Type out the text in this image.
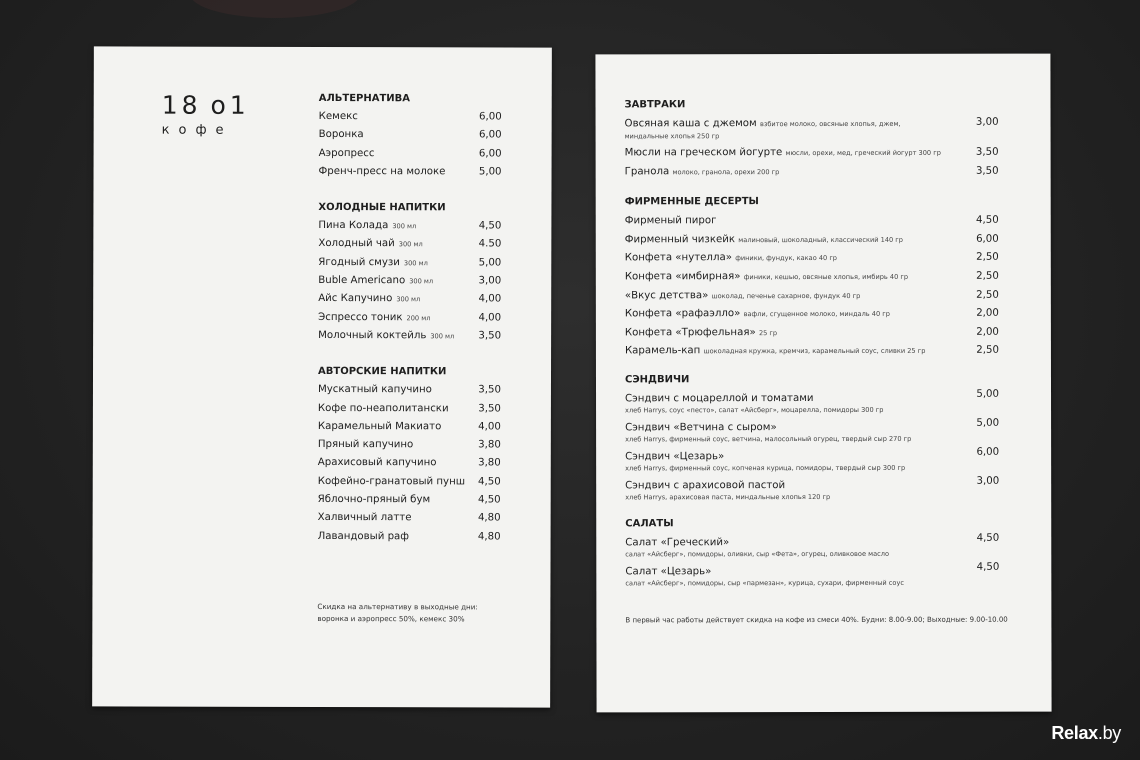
18 o1
кофе
АЛЬТЕРНАТИВА
Кемекс	6,00
Воронка	6,00
Аэропресс	6,00
Френч-пресс на молоке	5,00
ХОЛОДНЫЕ НАПИТКИ
Пина Колада 300 мл	4,50
Холодный чай 300 мл	4.50
Ягодный смузи 300 мл	5,00
Buble Americano 300 мл	3,00
Айс Капучино 300 мл	4,00
Эспрессо тоник 200 мл	4,00
Молочный коктейль 300 мл 3,50
АВТОРСКИЕ НАПИТКИ
Мускатный капучино	3,50
Кофе по-неаполитански	3,50
Карамельный Макиато	4,00
Пряный капучино	3,80
Арахисовый капучино	3,80
Кофейно-гранатовый пунш 4,50
Яблочно-пряный бум	4,50
Халвичный латте	4,80
Лавандовый раф	4,80
Скидка на альтернативу в выходные дни:
воронка и аэропресс 50%, кемекс 30%
ЗАВТРАКИ
Овсяная каша с джемом взбитое молоко, овсяные хлопья, джем,
миндальные хлопья 250 гр
3,00
Мюсли на греческом йогурте мюсли, орехи, мед, греческий йогурт 300 гр	3,50
Гранола молоко, гранола, орехи 200 гр	3,50
ФИРМЕННЫЕ ДЕСЕРТЫ
Фирменый пирог	4,50
Фирменный чизкейк малиновый, шоколадный, классический 140 гр	6,00
Конфета «нутелла» финики, фундук, какао 40 гр	2,50
Конфета «имбирная» финики, кешью, овсяные хлопья, имбирь 40 гр	2,50
«Вкус детства» шоколад, печенье сахарное, фундук 40 гр	2,50
Конфета «рафаэлло» вафли, сгущенное молоко, миндаль 40 гр	2,00
Конфета «Трюфельная» 25 гр	2,00
Карамель-кап шоколадная кружка, кремчиз, карамельный соус, сливки 25 гр	2,50
СЭНДВИЧИ
Сэндвич с моцареллой и томатами
хлеб Harrys, соус «песто», салат «Айсберг», моцарелла, помидоры 300 гр
5,00
Сэндвич «Ветчина с сыром»
хлеб Harrys, фирменный соус, ветчина, малосольный огурец, твердый сыр 270 гр
5,00
Сэндвич «Цезарь»
хлеб Harrys, фирменный соус, копченая курица, помидоры, твердый сыр 300 гр
6,00
Сэндвич с арахисовой пастой
хлеб Harrys, арахисовая паста, миндальные хлопья 120 гр
3,00
САЛАТЫ
Салат «Греческий»
салат «Айсберг», помидоры, оливки, сыр «Фета», огурец, оливковое масло
4,50
Салат «Цезарь»
салат «Айсберг», помидоры, сыр «пармезан», курица, сухари, фирменный соус
4,50
В первый час работы действует скидка на кофе из смеси 40%. Будни: 8.00-9.00; Выходные: 9.00-10.00
Relax.by
